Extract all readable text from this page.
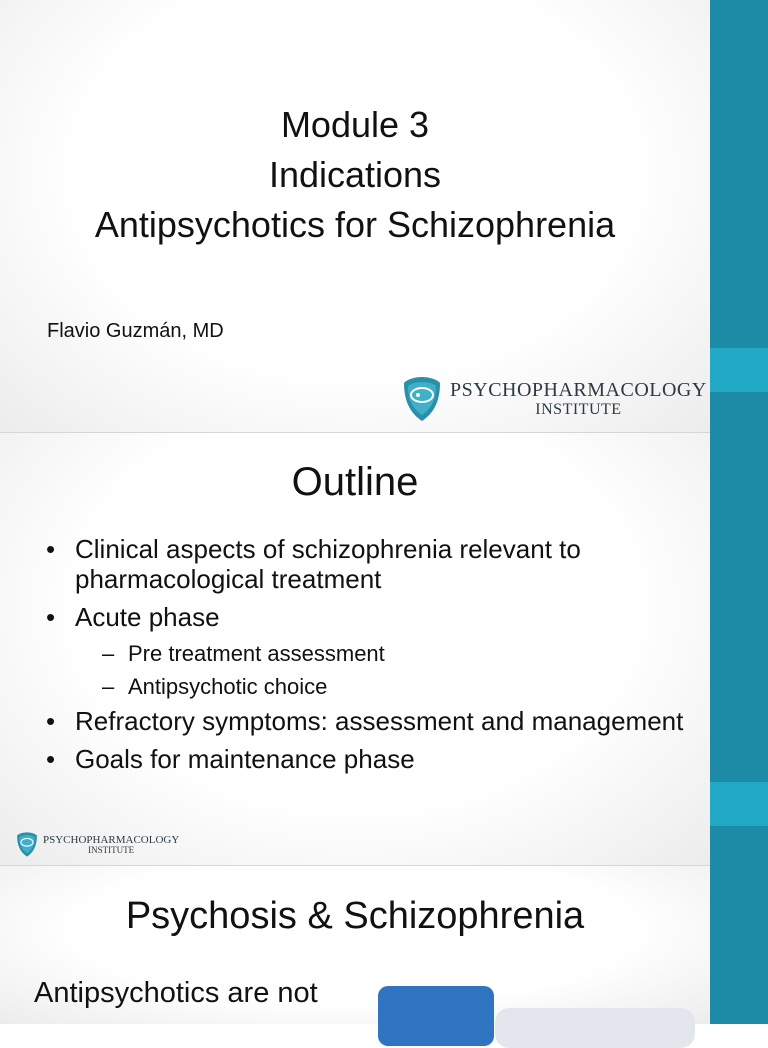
Module 3
Indications
Antipsychotics for Schizophrenia
Flavio Guzmán, MD
PSYCHOPHARMACOLOGY
INSTITUTE
Outline
• Clinical aspects of schizophrenia relevant to pharmacological treatment
• Acute phase
– Pre treatment assessment
– Antipsychotic choice
• Refractory symptoms: assessment and management
• Goals for maintenance phase
PSYCHOPHARMACOLOGY
INSTITUTE
Psychosis & Schizophrenia
Antipsychotics are not
